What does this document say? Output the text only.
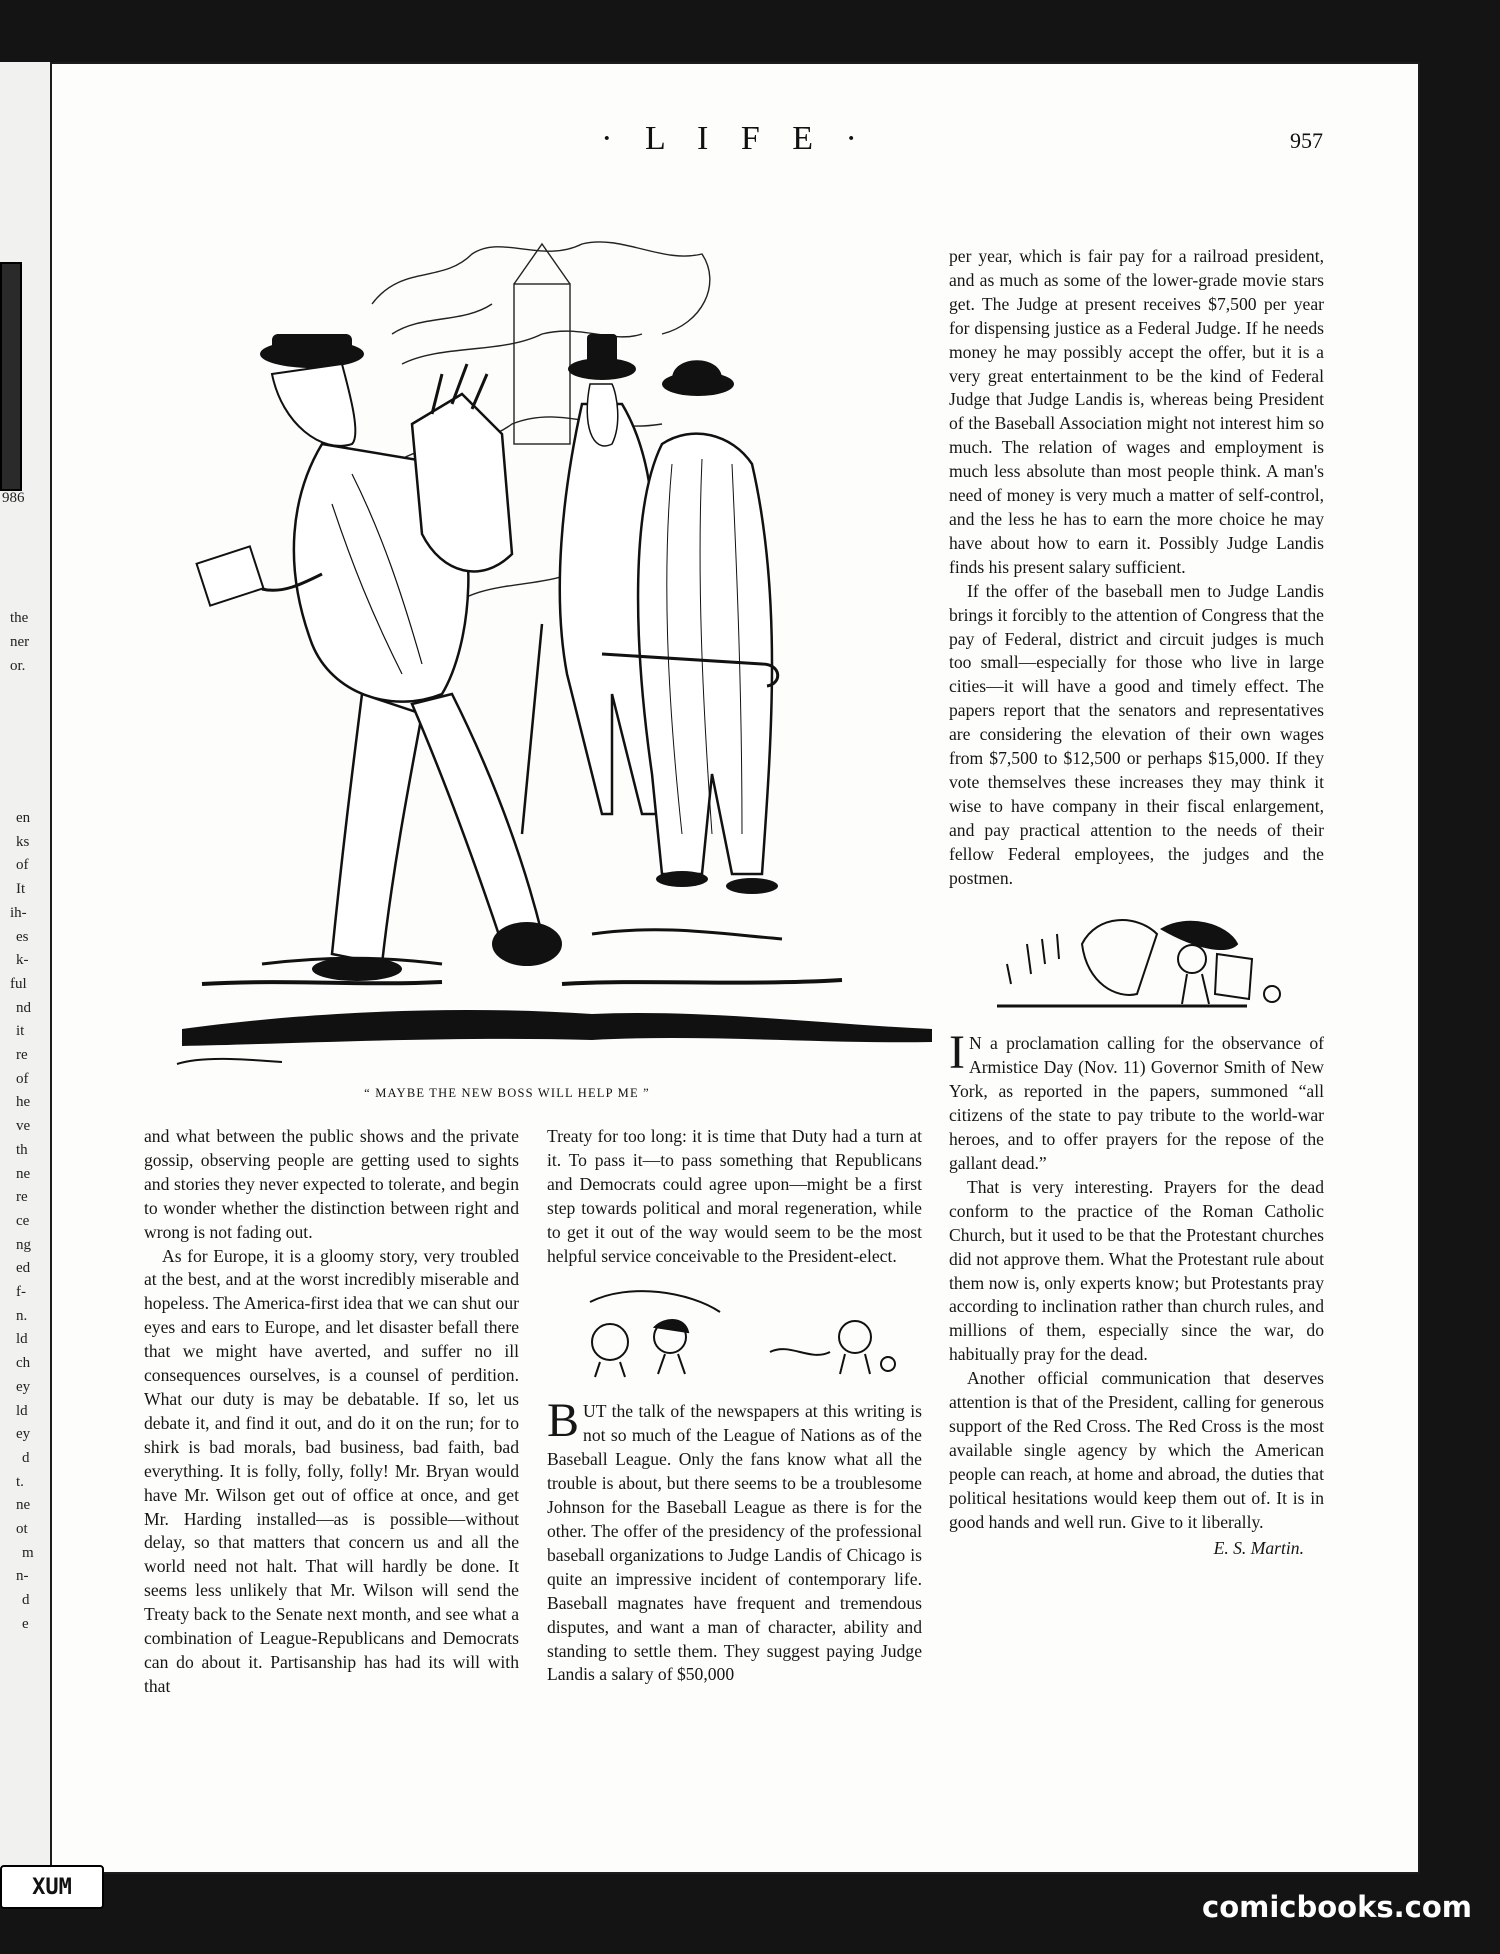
986
the
ner
or.
en
ks
of
It
ih-
es
k-
ful
nd
it
re
of
he
ve
th
ne
re
ce
ng
ed
f-
n.
ld
ch
ey
ld
ey
d
t.
ne
ot
m
n-
d
e
· L I F E ·	957
“ MAYBE THE NEW BOSS WILL HELP ME ”

and what between the public shows and the private gossip, observing people are getting used to sights and stories they never expected to tolerate, and begin to wonder whether the distinction between right and wrong is not fading out.

As for Europe, it is a gloomy story, very troubled at the best, and at the worst incredibly miserable and hopeless. The America-first idea that we can shut our eyes and ears to Europe, and let disaster befall there that we might have averted, and suffer no ill consequences ourselves, is a counsel of perdition. What our duty is may be debatable. If so, let us debate it, and find it out, and do it on the run; for to shirk is bad morals, bad business, bad faith, bad everything. It is folly, folly, folly! Mr. Bryan would have Mr. Wilson get out of office at once, and get Mr. Harding installed—as is possible—without delay, so that matters that concern us and all the world need not halt. That will hardly be done. It seems less unlikely that Mr. Wilson will send the Treaty back to the Senate next month, and see what a combination of League-Republicans and Democrats can do about it. Partisanship has had its will with that

Treaty for too long: it is time that Duty had a turn at it. To pass it—to pass something that Republicans and Democrats could agree upon—might be a first step towards political and moral regeneration, while to get it out of the way would seem to be the most helpful service conceivable to the President-elect.

BUT the talk of the newspapers at this writing is not so much of the League of Nations as of the Baseball League. Only the fans know what all the trouble is about, but there seems to be a troublesome Johnson for the Baseball League as there is for the other. The offer of the presidency of the professional baseball organizations to Judge Landis of Chicago is quite an impressive incident of contemporary life. Baseball magnates have frequent and tremendous disputes, and want a man of character, ability and standing to settle them. They suggest paying Judge Landis a salary of $50,000

per year, which is fair pay for a railroad president, and as much as some of the lower-grade movie stars get. The Judge at present receives $7,500 per year for dispensing justice as a Federal Judge. If he needs money he may possibly accept the offer, but it is a very great entertainment to be the kind of Federal Judge that Judge Landis is, whereas being President of the Baseball Association might not interest him so much. The relation of wages and employment is much less absolute than most people think. A man's need of money is very much a matter of self-control, and the less he has to earn the more choice he may have about how to earn it. Possibly Judge Landis finds his present salary sufficient.

If the offer of the baseball men to Judge Landis brings it forcibly to the attention of Congress that the pay of Federal, district and circuit judges is much too small—especially for those who live in large cities—it will have a good and timely effect. The papers report that the senators and representatives are considering the elevation of their own wages from $7,500 to $12,500 or perhaps $15,000. If they vote themselves these increases they may think it wise to have company in their fiscal enlargement, and pay practical attention to the needs of their fellow Federal employees, the judges and the postmen.

I N a proclamation calling for the observance of Armistice Day (Nov. 11) Governor Smith of New York, as reported in the papers, summoned “all citizens of the state to pay tribute to the world-war heroes, and to offer prayers for the repose of the gallant dead.”

That is very interesting. Prayers for the dead conform to the practice of the Roman Catholic Church, but it used to be that the Protestant churches did not approve them. What the Protestant rule about them now is, only experts know; but Protestants pray according to inclination rather than church rules, and millions of them, especially since the war, do habitually pray for the dead.

Another official communication that deserves attention is that of the President, calling for generous support of the Red Cross. The Red Cross is the most available single agency by which the American people can reach, at home and abroad, the duties that political hesitations would keep them out of. It is in good hands and well run. Give to it liberally.

E. S. Martin.
XUM
comicbooks.com
